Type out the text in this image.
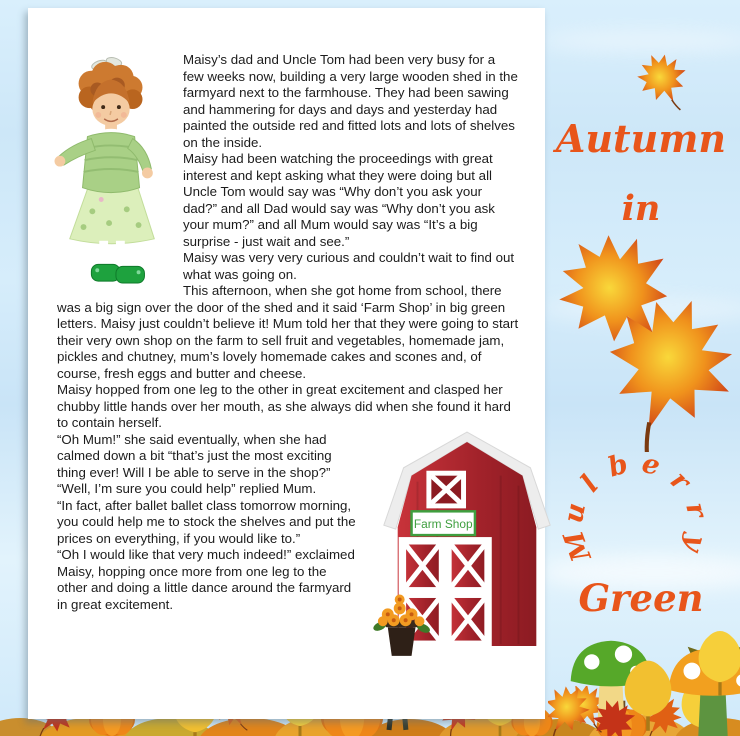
Autumn
in
M
u
l
b e r
r
y
Green

Maisy’s dad and Uncle Tom had been very busy for a few weeks now, building a very large wooden shed in the farmyard next to the farmhouse. They had been sawing and hammering for days and days and yesterday had painted the outside red and fitted lots and lots of shelves on the inside.

Maisy had been watching the proceedings with great interest and kept asking what they were doing but all Uncle Tom would say was “Why don’t you ask your dad?” and all Dad would say was “Why don’t you ask your mum?” and all Mum would say was “It’s a big surprise - just wait and see.”

Maisy was very very curious and couldn’t wait to find out what was going on.

This afternoon, when she got home from school, there was a big sign over the door of the shed and it said ‘Farm Shop’ in big green letters. Maisy just couldn’t believe it! Mum told her that they were going to start their very own shop on the farm to sell fruit and vegetables, homemade jam, pickles and chutney, mum’s lovely homemade cakes and scones and, of course, fresh eggs and butter and cheese.

Maisy hopped from one leg to the other in great excitement and clasped her chubby little hands over her mouth, as she always did when she found it hard to contain herself.

Farm Shop

“Oh Mum!” she said eventually, when she had calmed down a bit “that’s just the most exciting thing ever! Will I be able to serve in the shop?”

“Well, I’m sure you could help” replied Mum.

“In fact, after ballet ballet class tomorrow morning, you could help me to stock the shelves and put the prices on everything, if you would like to.”

“Oh I would like that very much indeed!” exclaimed Maisy, hopping once more from one leg to the other and doing a little dance around the farmyard in great excitement.
